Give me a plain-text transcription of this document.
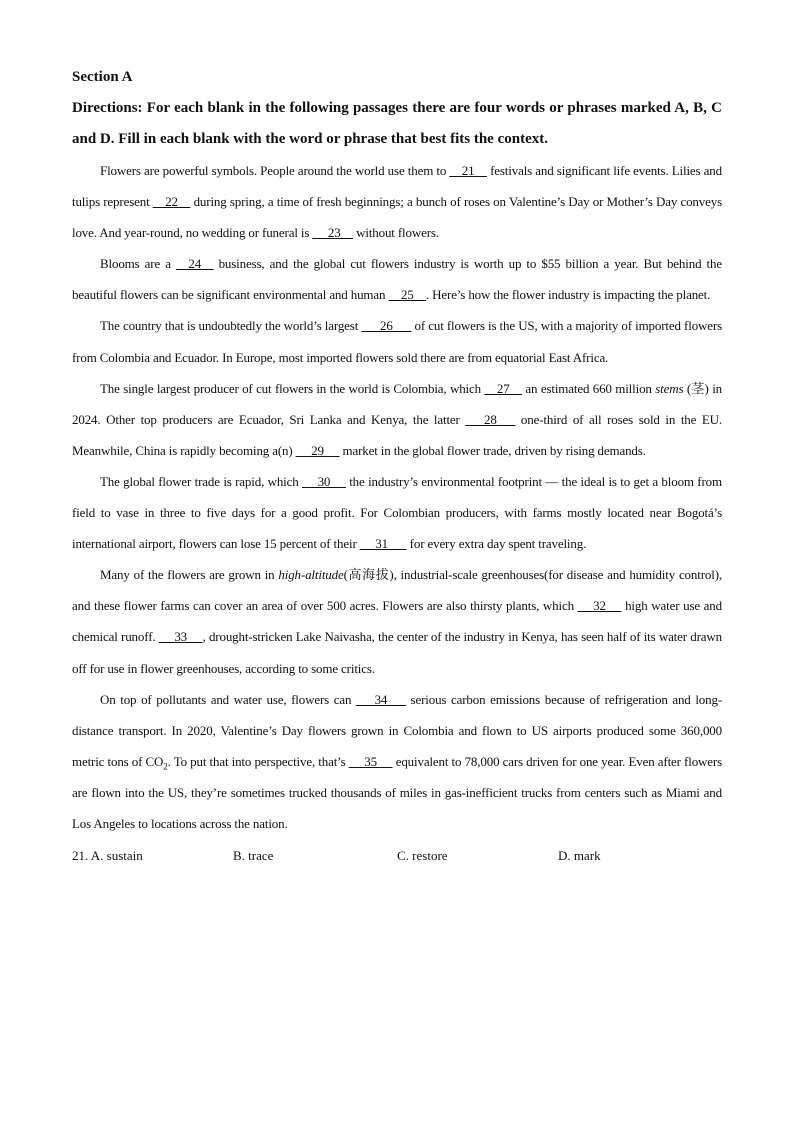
Section A
Directions: For each blank in the following passages there are four words or phrases marked A, B, C and D. Fill in each blank with the word or phrase that best fits the context.

Flowers are powerful symbols. People around the world use them to     21     festivals and significant life events. Lilies and tulips represent     22     during spring, a time of fresh beginnings; a bunch of roses on Valentine’s Day or Mother’s Day conveys love. And year-round, no wedding or funeral is      23     without flowers.

Blooms are a     24     business, and the global cut flowers industry is worth up to $55 billion a year. But behind the beautiful flowers can be significant environmental and human     25 . Here’s how the flower industry is impacting the planet.

The country that is undoubtedly the world’s largest       26       of cut flowers is the US, with a majority of imported flowers from Colombia and Ecuador. In Europe, most imported flowers sold there are from equatorial East Africa.

The single largest producer of cut flowers in the world is Colombia, which     27     an estimated 660 million stems (茎) in 2024. Other top producers are Ecuador, Sri Lanka and Kenya, the latter       28       one-third of all roses sold in the EU. Meanwhile, China is rapidly becoming a(n)      29      market in the global flower trade, driven by rising demands.

The global flower trade is rapid, which      30      the industry’s environmental footprint — the ideal is to get a bloom from field to vase in three to five days for a good profit. For Colombian producers, with farms mostly located near Bogotá’s international airport, flowers can lose 15 percent of their      31       for every extra day spent traveling.

Many of the flowers are grown in high-altitude(高海拔), industrial-scale greenhouses(for disease and humidity control), and these flower farms can cover an area of over 500 acres. Flowers are also thirsty plants, which      32      high water use and chemical runoff.      33 , drought-stricken Lake Naivasha, the center of the industry in Kenya, has seen half of its water drawn off for use in flower greenhouses, according to some critics.

On top of pollutants and water use, flowers can       34       serious carbon emissions because of refrigeration and long-distance transport. In 2020, Valentine’s Day flowers grown in Colombia and flown to US airports produced some 360,000 metric tons of $CO_2$. To put that into perspective, that’s      35      equivalent to 78,000 cars driven for one year. Even after flowers are flown into the US, they’re sometimes trucked thousands of miles in gas-inefficient trucks from centers such as Miami and Los Angeles to locations across the nation.

21. A. sustain	B. trace	C. restore	D. mark
